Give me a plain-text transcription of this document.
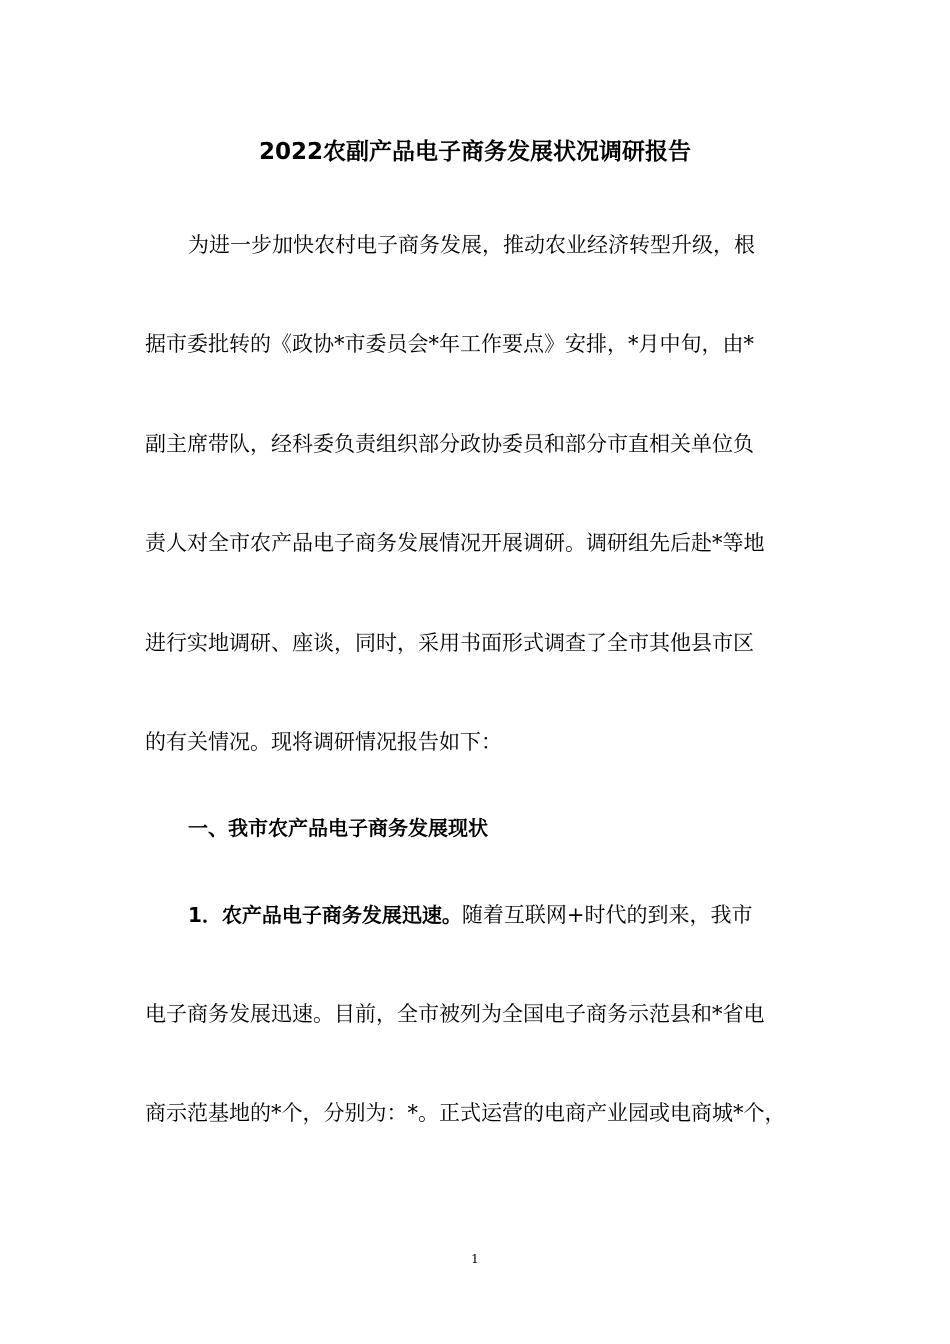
2022农副产品电子商务发展状况调研报告

为进一步加快农村电子商务发展，推动农业经济转型升级，根

据市委批转的《政协*市委员会*年工作要点》安排，*月中旬，由*

副主席带队，经科委负责组织部分政协委员和部分市直相关单位负

责人对全市农产品电子商务发展情况开展调研。调研组先后赴*等地

进行实地调研、座谈，同时，采用书面形式调查了全市其他县市区

的有关情况。现将调研情况报告如下：

一、我市农产品电子商务发展现状

1．农产品电子商务发展迅速。随着互联网+时代的到来，我市

电子商务发展迅速。目前，全市被列为全国电子商务示范县和*省电

商示范基地的*个，分别为：*。正式运营的电商产业园或电商城*个，

1
